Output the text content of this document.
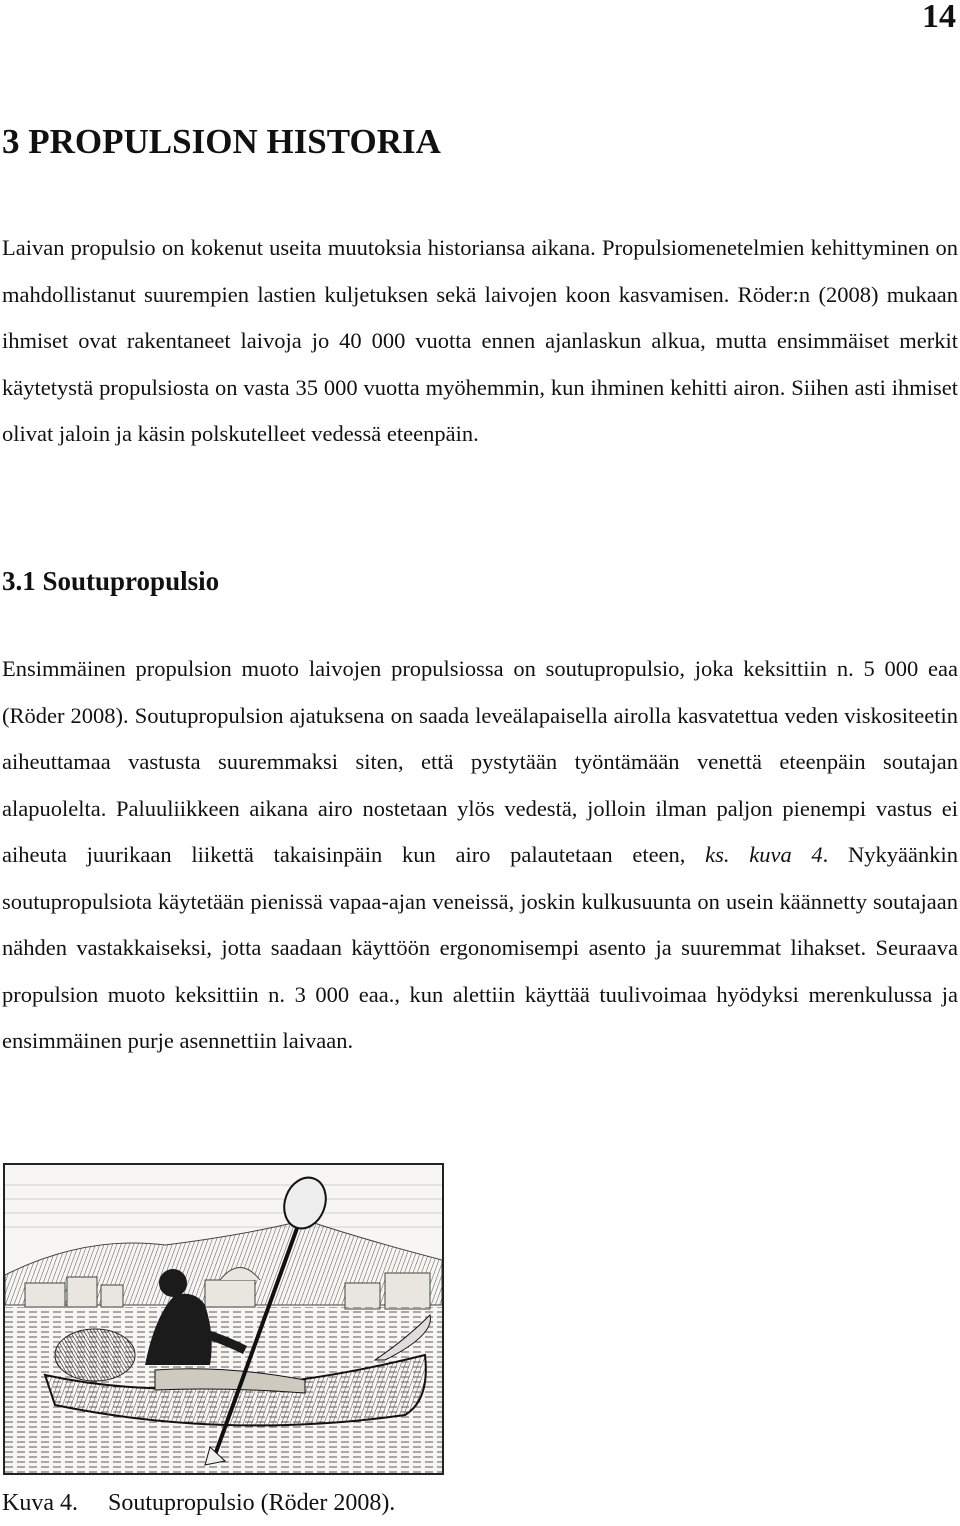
14
3 PROPULSION HISTORIA

Laivan propulsio on kokenut useita muutoksia historiansa aikana. Propulsiomenetelmien kehittyminen on mahdollistanut suurempien lastien kuljetuksen sekä laivojen koon kasvamisen. Röder:n (2008) mukaan ihmiset ovat rakentaneet laivoja jo 40 000 vuotta ennen ajanlaskun alkua, mutta ensimmäiset merkit käytetystä propulsiosta on vasta 35 000 vuotta myöhemmin, kun ihminen kehitti airon. Siihen asti ihmiset olivat jaloin ja käsin polskutelleet vedessä eteenpäin.

3.1 Soutupropulsio

Ensimmäinen propulsion muoto laivojen propulsiossa on soutupropulsio, joka keksittiin n. 5 000 eaa (Röder 2008). Soutupropulsion ajatuksena on saada leveälapaisella airolla kasvatettua veden viskositeetin aiheuttamaa vastusta suuremmaksi siten, että pystytään työntämään venettä eteenpäin soutajan alapuolelta. Paluuliikkeen aikana airo nostetaan ylös vedestä, jolloin ilman paljon pienempi vastus ei aiheuta juurikaan liikettä takaisinpäin kun airo palautetaan eteen, ks. kuva 4. Nykyäänkin soutupropulsiota käytetään pienissä vapaa-ajan veneissä, joskin kulkusuunta on usein käännetty soutajaan nähden vastakkaiseksi, jotta saadaan käyttöön ergonomisempi asento ja suuremmat lihakset. Seuraava propulsion muoto keksittiin n. 3 000 eaa., kun alettiin käyttää tuulivoimaa hyödyksi merenkulussa ja ensimmäinen purje asennettiin laivaan.

Kuva 4. Soutupropulsio (Röder 2008).
